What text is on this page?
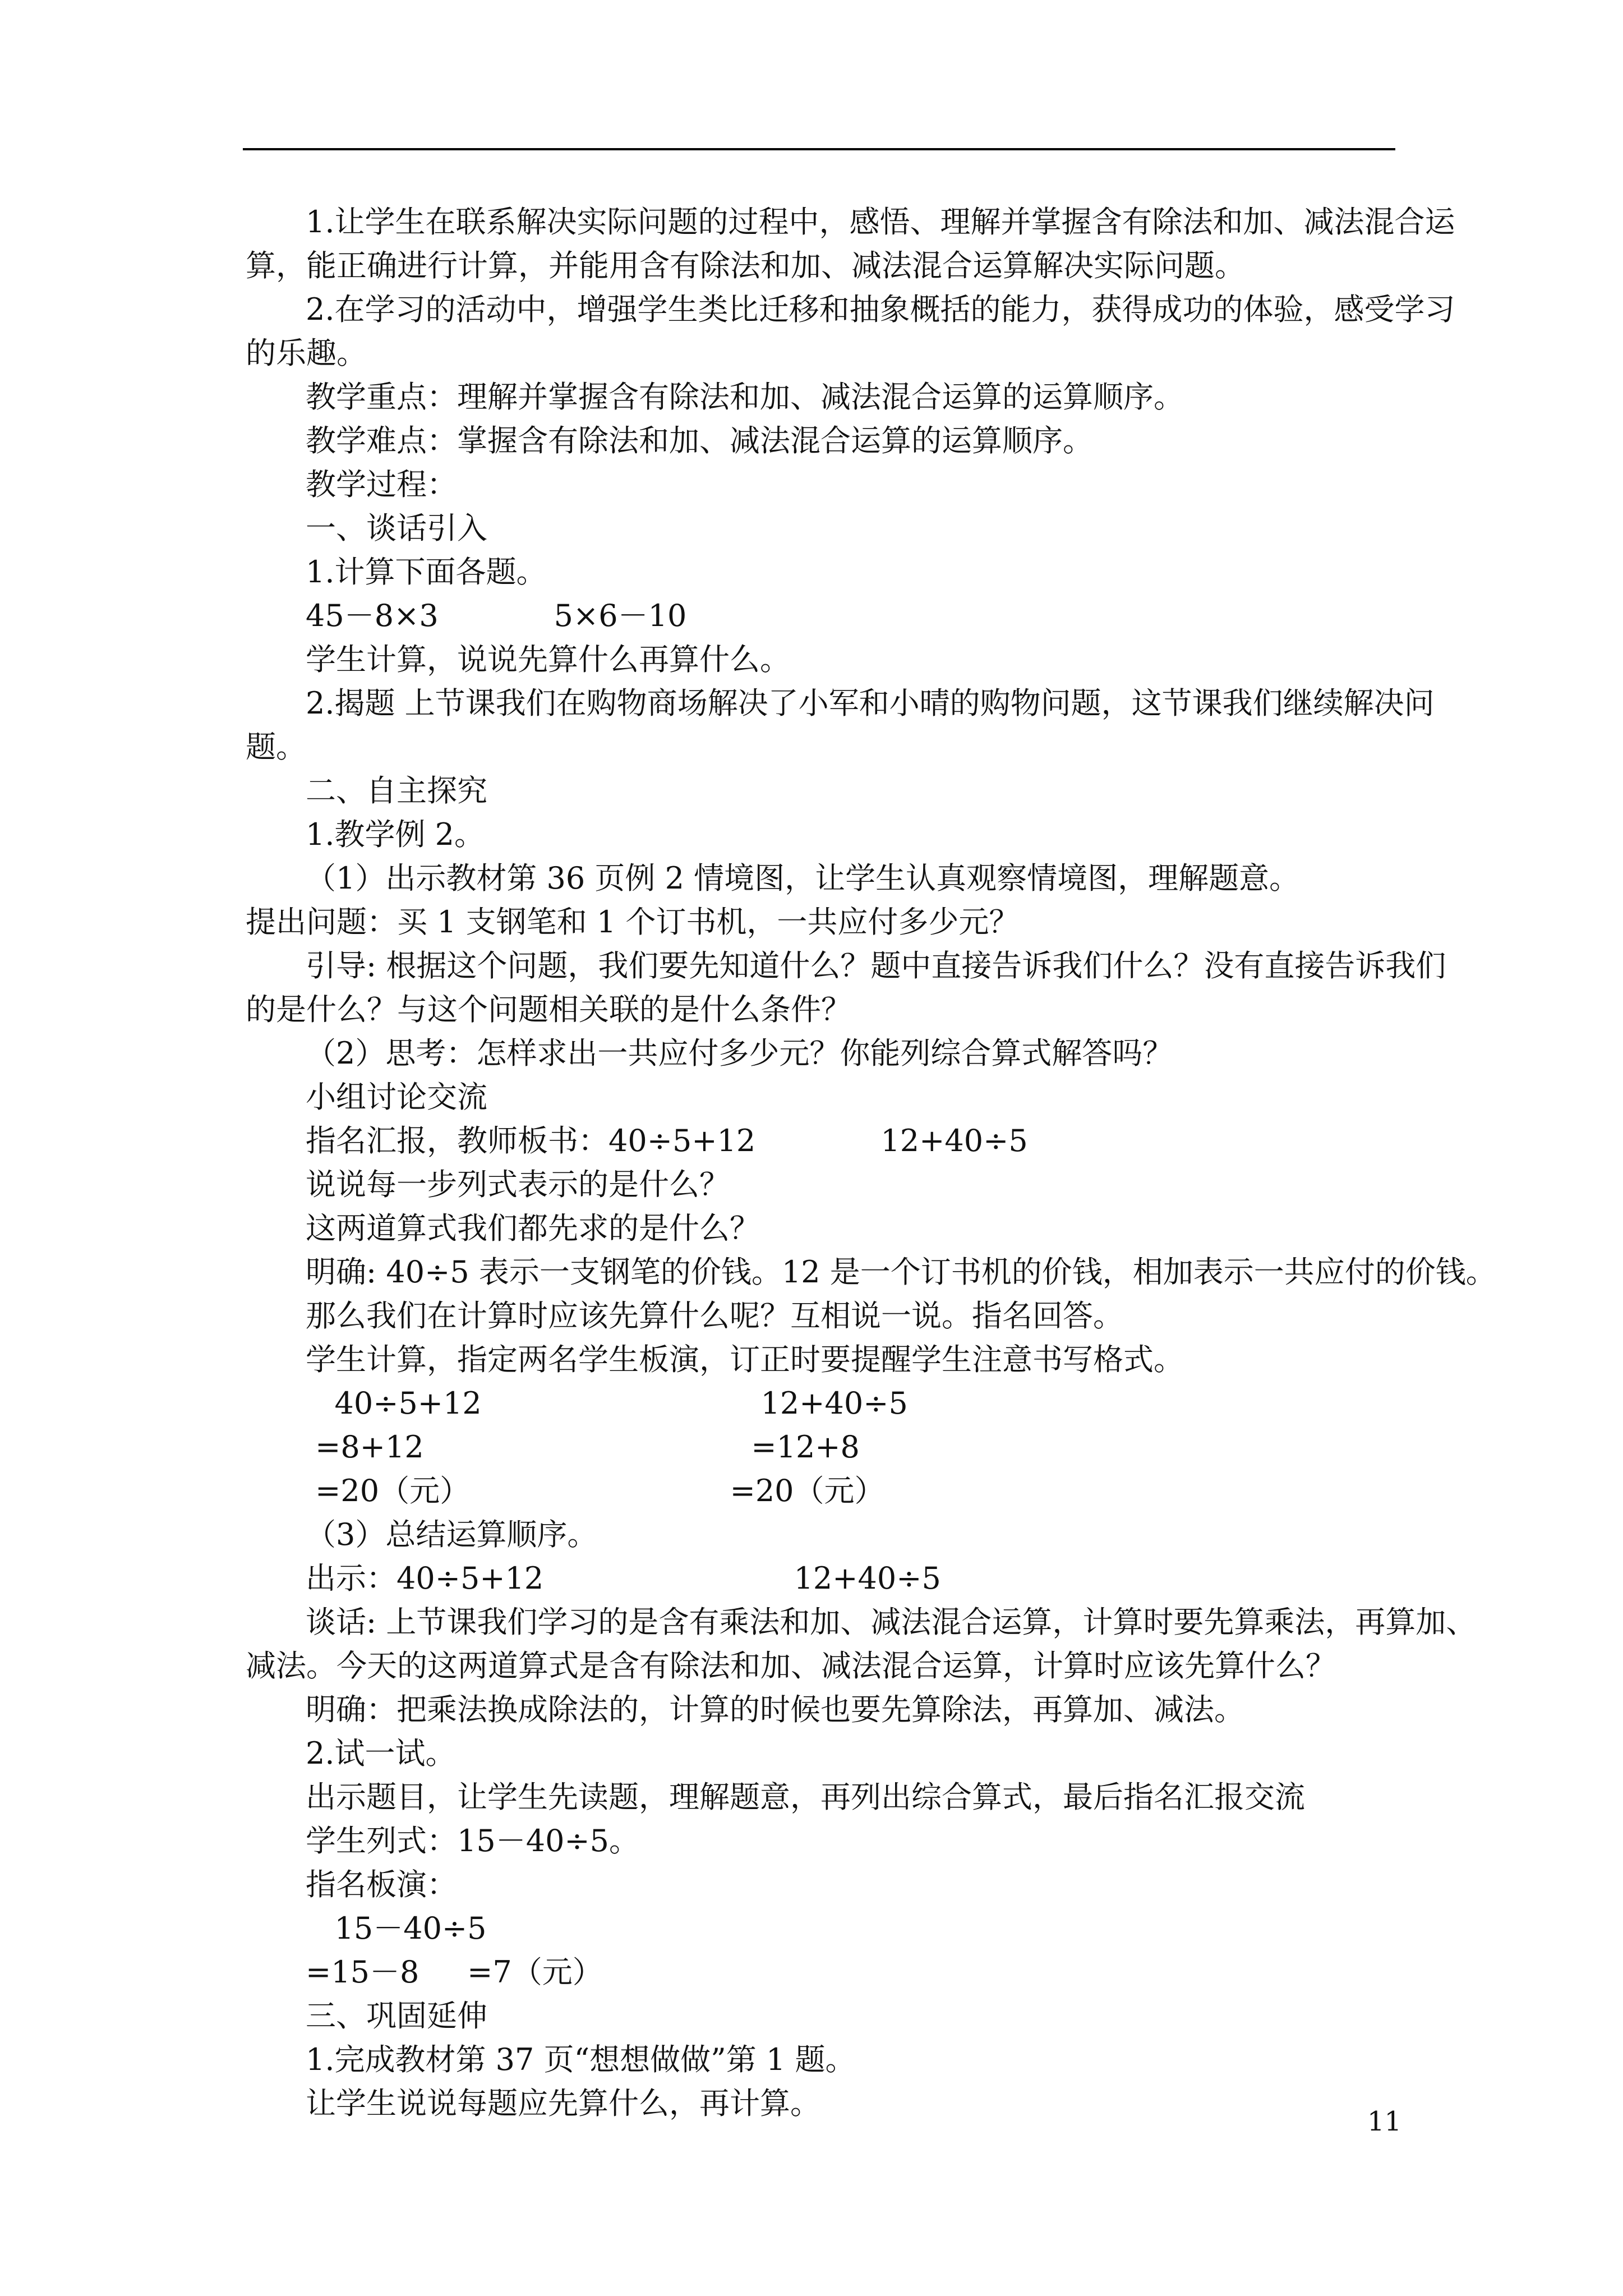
1.让学生在联系解决实际问题的过程中，感悟、理解并掌握含有除法和加、减法混合运

算，能正确进行计算，并能用含有除法和加、减法混合运算解决实际问题。

2.在学习的活动中，增强学生类比迁移和抽象概括的能力，获得成功的体验，感受学习

的乐趣。

教学重点：理解并掌握含有除法和加、减法混合运算的运算顺序。

教学难点：掌握含有除法和加、减法混合运算的运算顺序。

教学过程：

一、谈话引入

1.计算下面各题。

45－8×3            5×6－10

学生计算，说说先算什么再算什么。

2.揭题 上节课我们在购物商场解决了小军和小晴的购物问题，这节课我们继续解决问

题。

二、自主探究

1.教学例 2。

（1）出示教材第 36 页例 2 情境图，让学生认真观察情境图，理解题意。

提出问题：买 1 支钢笔和 1 个订书机，一共应付多少元？

引导: 根据这个问题，我们要先知道什么？题中直接告诉我们什么？没有直接告诉我们

的是什么？与这个问题相关联的是什么条件？

（2）思考：怎样求出一共应付多少元？你能列综合算式解答吗？

小组讨论交流

指名汇报，教师板书：40÷5+12             12+40÷5

说说每一步列式表示的是什么？

这两道算式我们都先求的是什么？

明确: 40÷5 表示一支钢笔的价钱。12 是一个订书机的价钱，相加表示一共应付的价钱。

那么我们在计算时应该先算什么呢？互相说一说。指名回答。

学生计算，指定两名学生板演，订正时要提醒学生注意书写格式。

40÷5+12                             12+40÷5

=8+12                                  =12+8

=20（元）                           =20（元）

（3）总结运算顺序。

出示：40÷5+12                          12+40÷5

谈话: 上节课我们学习的是含有乘法和加、减法混合运算，计算时要先算乘法，再算加、

减法。今天的这两道算式是含有除法和加、减法混合运算，计算时应该先算什么？

明确：把乘法换成除法的，计算的时候也要先算除法，再算加、减法。

2.试一试。

出示题目，让学生先读题，理解题意，再列出综合算式，最后指名汇报交流

学生列式：15－40÷5。

指名板演：

15－40÷5

=15－8     =7（元）

三、巩固延伸

1.完成教材第 37 页“想想做做”第 1 题。

让学生说说每题应先算什么，再计算。

11
